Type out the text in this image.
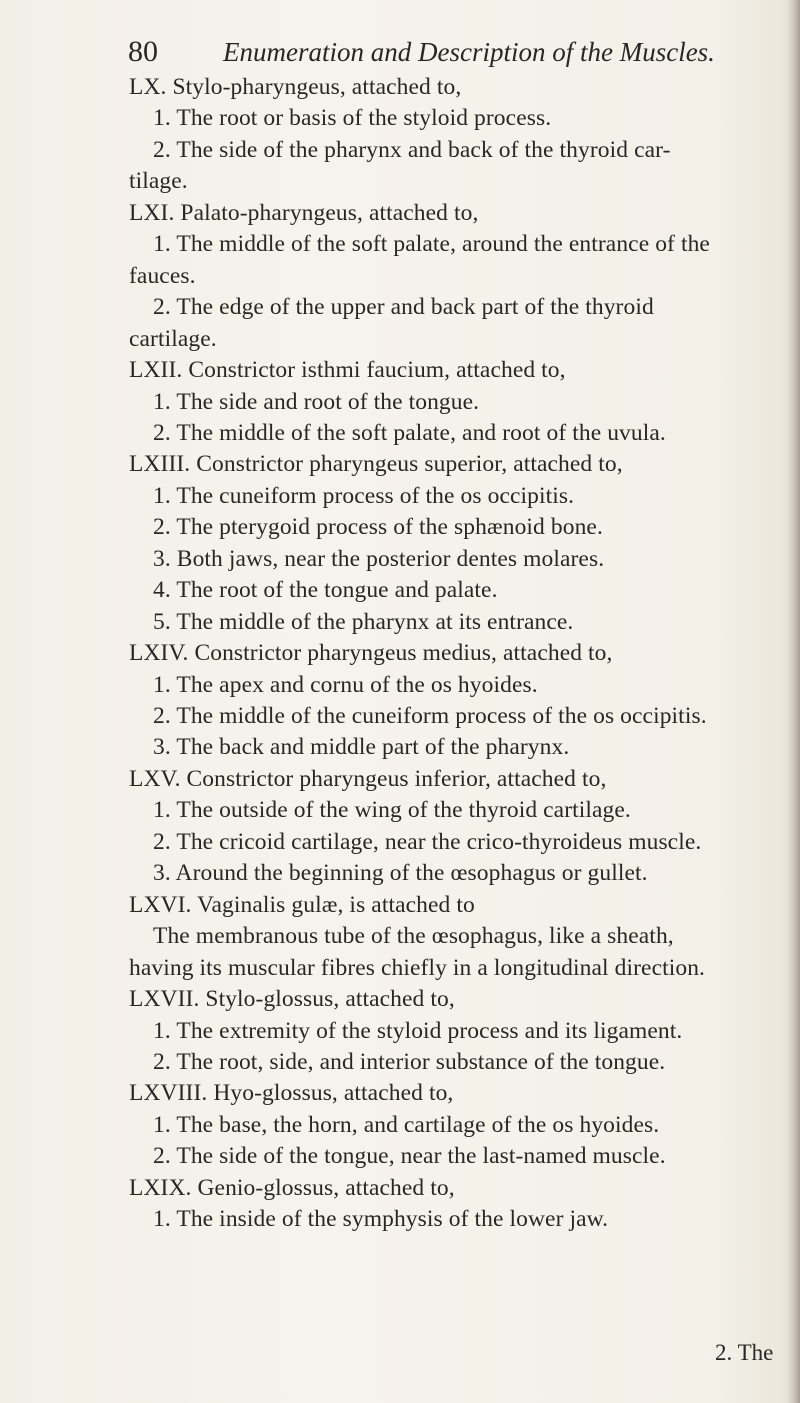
80 Enumeration and Description of the Muscles.
LX. Stylo-pharyngeus, attached to,
1. The root or basis of the styloid process.
2. The side of the pharynx and back of the thyroid car-
tilage.
LXI. Palato-pharyngeus, attached to,
1. The middle of the soft palate, around the entrance of the
fauces.
2. The edge of the upper and back part of the thyroid
cartilage.
LXII. Constrictor isthmi faucium, attached to,
1. The side and root of the tongue.
2. The middle of the soft palate, and root of the uvula.
LXIII. Constrictor pharyngeus superior, attached to,
1. The cuneiform process of the os occipitis.
2. The pterygoid process of the sphænoid bone.
3. Both jaws, near the posterior dentes molares.
4. The root of the tongue and palate.
5. The middle of the pharynx at its entrance.
LXIV. Constrictor pharyngeus medius, attached to,
1. The apex and cornu of the os hyoides.
2. The middle of the cuneiform process of the os occipitis.
3. The back and middle part of the pharynx.
LXV. Constrictor pharyngeus inferior, attached to,
1. The outside of the wing of the thyroid cartilage.
2. The cricoid cartilage, near the crico-thyroideus muscle.
3. Around the beginning of the œsophagus or gullet.
LXVI. Vaginalis gulæ, is attached to
The membranous tube of the œsophagus, like a sheath,
having its muscular fibres chiefly in a longitudinal direction.
LXVII. Stylo-glossus, attached to,
1. The extremity of the styloid process and its ligament.
2. The root, side, and interior substance of the tongue.
LXVIII. Hyo-glossus, attached to,
1. The base, the horn, and cartilage of the os hyoides.
2. The side of the tongue, near the last-named muscle.
LXIX. Genio-glossus, attached to,
1. The inside of the symphysis of the lower jaw.
2. The
